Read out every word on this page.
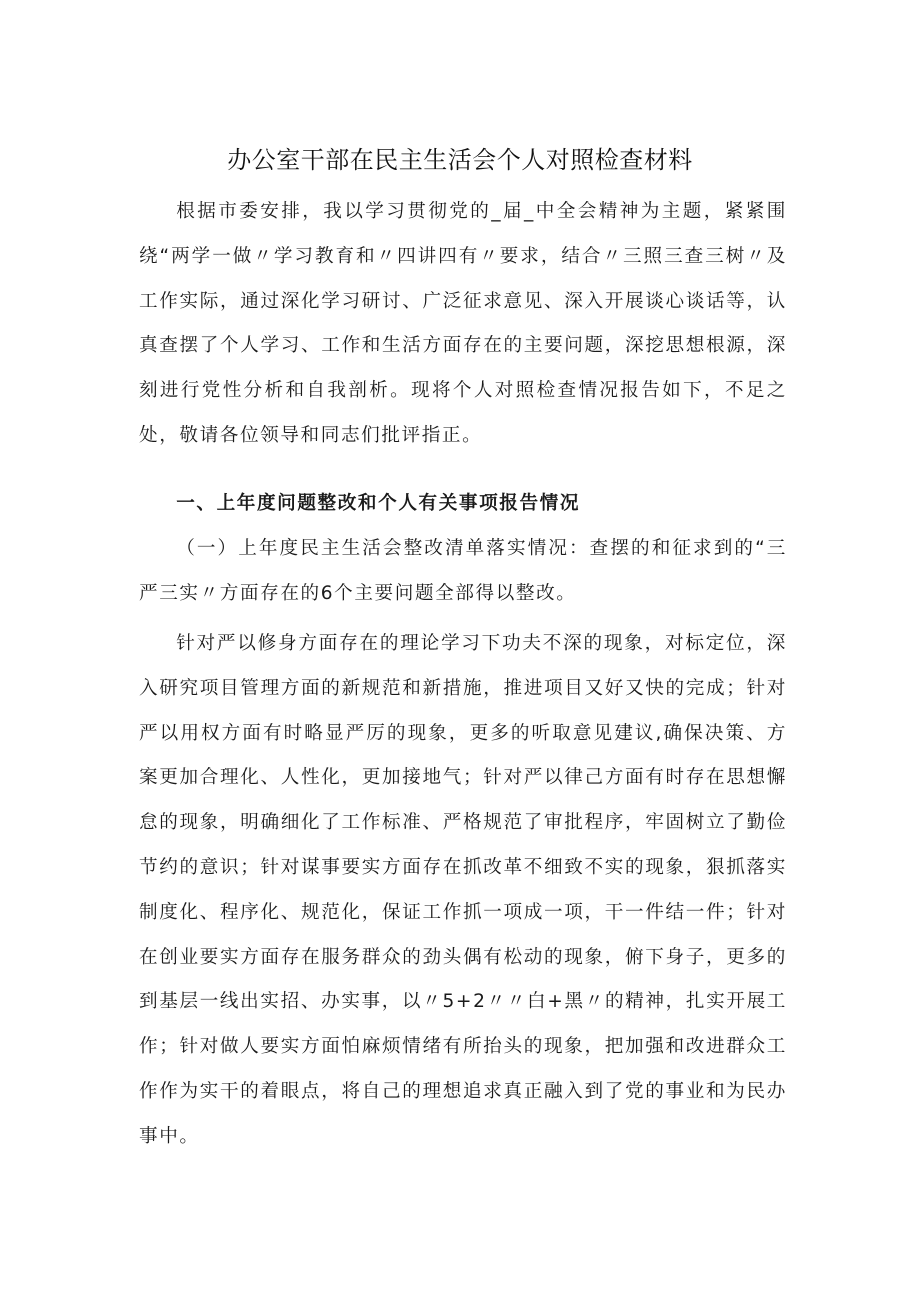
办公室干部在民主生活会个人对照检查材料

根据市委安排，我以学习贯彻党的_届_中全会精神为主题，紧紧围绕“两学一做〃学习教育和〃四讲四有〃要求，结合〃三照三查三树〃及工作实际，通过深化学习研讨、广泛征求意见、深入开展谈心谈话等，认真查摆了个人学习、工作和生活方面存在的主要问题，深挖思想根源，深刻进行党性分析和自我剖析。现将个人对照检查情况报告如下，不足之处，敬请各位领导和同志们批评指正。

一、上年度问题整改和个人有关事项报告情况

（一）上年度民主生活会整改清单落实情况：查摆的和征求到的“三严三实〃方面存在的6个主要问题全部得以整改。

针对严以修身方面存在的理论学习下功夫不深的现象，对标定位，深入研究项目管理方面的新规范和新措施，推进项目又好又快的完成；针对严以用权方面有时略显严厉的现象，更多的听取意见建议,确保决策、方案更加合理化、人性化，更加接地气；针对严以律己方面有时存在思想懈怠的现象，明确细化了工作标准、严格规范了审批程序，牢固树立了勤俭节约的意识；针对谋事要实方面存在抓改革不细致不实的现象，狠抓落实制度化、程序化、规范化，保证工作抓一项成一项，干一件结一件；针对在创业要实方面存在服务群众的劲头偶有松动的现象，俯下身子，更多的到基层一线出实招、办实事，以〃5+2〃〃白+黑〃的精神，扎实开展工作；针对做人要实方面怕麻烦情绪有所抬头的现象，把加强和改进群众工作作为实干的着眼点，将自己的理想追求真正融入到了党的事业和为民办事中。
